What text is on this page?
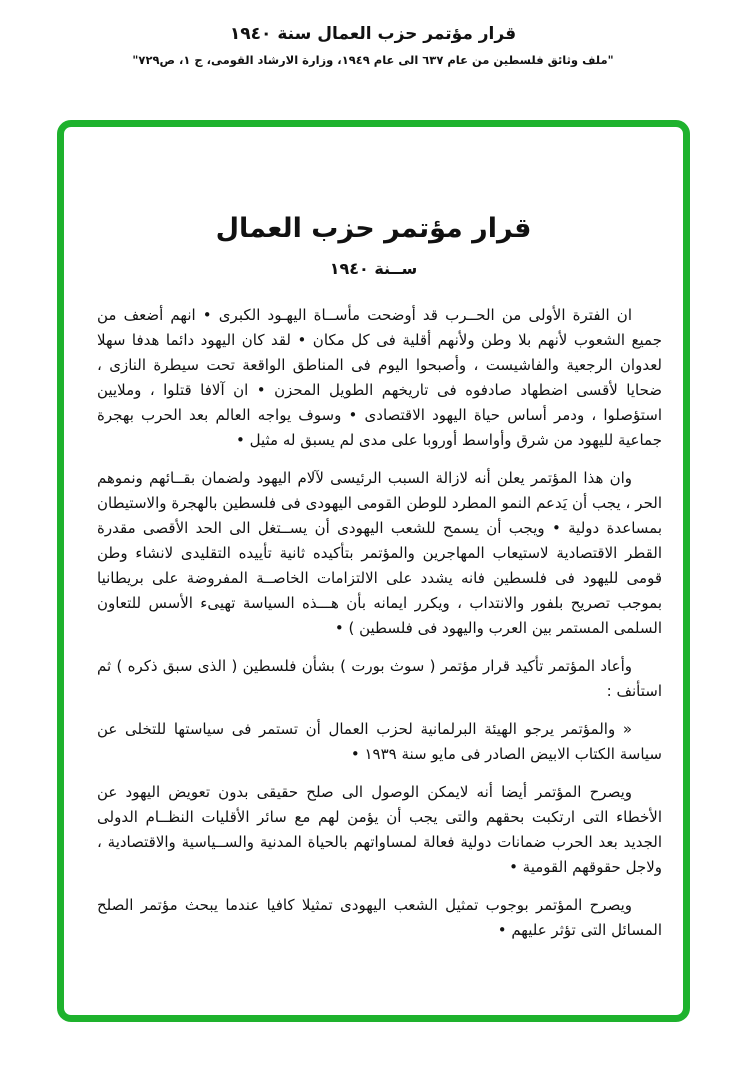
قرار مؤتمر حزب العمال سنة ١٩٤٠
"ملف وثائق فلسطين من عام ٦٣٧ الى عام ١٩٤٩، وزارة الارشاد القومى، ج ١، ص٧٢٩"
قرار مؤتمر حزب العمال
ســنة ١٩٤٠

ان الفترة الأولى من الحــرب قد أوضحت مأســاة اليهـود الكبرى • انهم أضعف من جميع الشعوب لأنهم بلا وطن ولأنهم أقلية فى كل مكان • لقد كان اليهود دائما هدفا سهلا لعدوان الرجعية والفاشيست ، وأصبحوا اليوم فى المناطق الواقعة تحت سيطرة النازى ، ضحايا لأقسى اضطهاد صادفوه فى تاريخهم الطويل المحزن • ان آلافا قتلوا ، وملايين استؤصلوا ، ودمر أساس حياة اليهود الاقتصادى • وسوف يواجه العالم بعد الحرب بهجرة جماعية لليهود من شرق وأواسط أوروبا على مدى لم يسبق له مثيل •

وان هذا المؤتمر يعلن أنه لازالة السبب الرئيسى لآلام اليهود ولضمان بقــائهم ونموهم الحر ، يجب أن يَدعم النمو المطرد للوطن القومى اليهودى فى فلسطين بالهجرة والاستيطان بمساعدة دولية • ويجب أن يسمح للشعب اليهودى أن يســتغل الى الحد الأقصى مقدرة القطر الاقتصادية لاستيعاب المهاجرين والمؤتمر بتأكيده ثانية تأييده التقليدى لانشاء وطن قومى لليهود فى فلسطين فانه يشدد على الالتزامات الخاصــة المفروضة على بريطانيا بموجب تصريح بلفور والانتداب ، ويكرر ايمانه بأن هـــذه السياسة تهيىء الأسس للتعاون السلمى المستمر بين العرب واليهود فى فلسطين ) •

وأعاد المؤتمر تأكيد قرار مؤتمر ( سوث بورت ) بشأن فلسطين ( الذى سبق ذكره ) ثم استأنف :

« والمؤتمر يرجو الهيئة البرلمانية لحزب العمال أن تستمر فى سياستها للتخلى عن سياسة الكتاب الابيض الصادر فى مايو سنة ١٩٣٩ •

ويصرح المؤتمر أيضا أنه لايمكن الوصول الى صلح حقيقى بدون تعويض اليهود عن الأخطاء التى ارتكبت بحقهم والتى يجب أن يؤمن لهم مع سائر الأقليات النظــام الدولى الجديد بعد الحرب ضمانات دولية فعالة لمساواتهم بالحياة المدنية والســياسية والاقتصادية ، ولاجل حقوقهم القومية •

ويصرح المؤتمر بوجوب تمثيل الشعب اليهودى تمثيلا كافيا عندما يبحث مؤتمر الصلح المسائل التى تؤثر عليهم •
